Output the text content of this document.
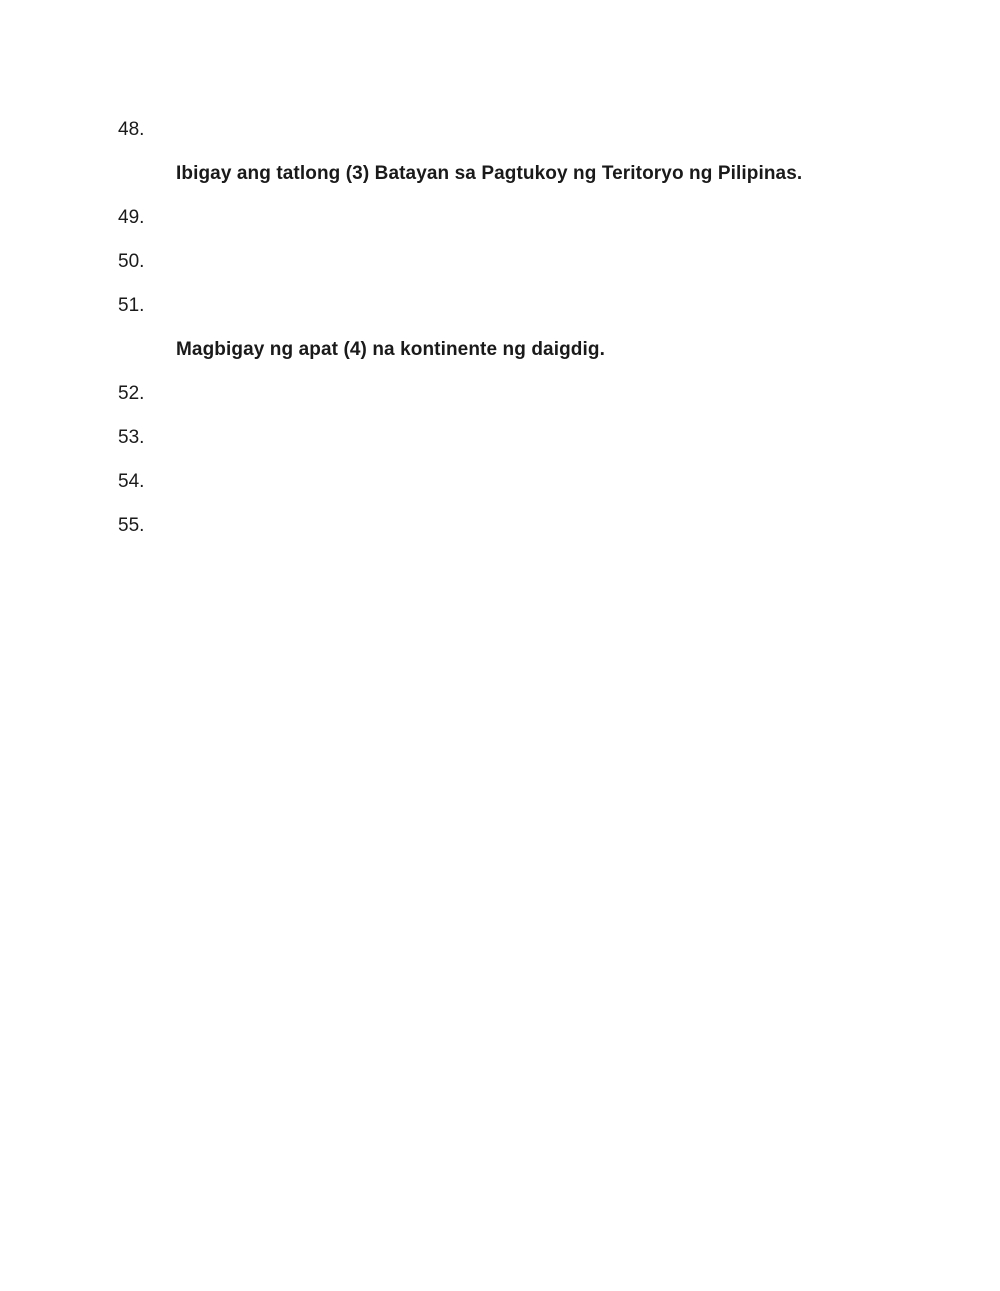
48.
Ibigay ang tatlong (3) Batayan sa Pagtukoy ng Teritoryo ng Pilipinas.
49.
50.
51.
Magbigay ng apat (4) na kontinente ng daigdig.
52.
53.
54.
55.
